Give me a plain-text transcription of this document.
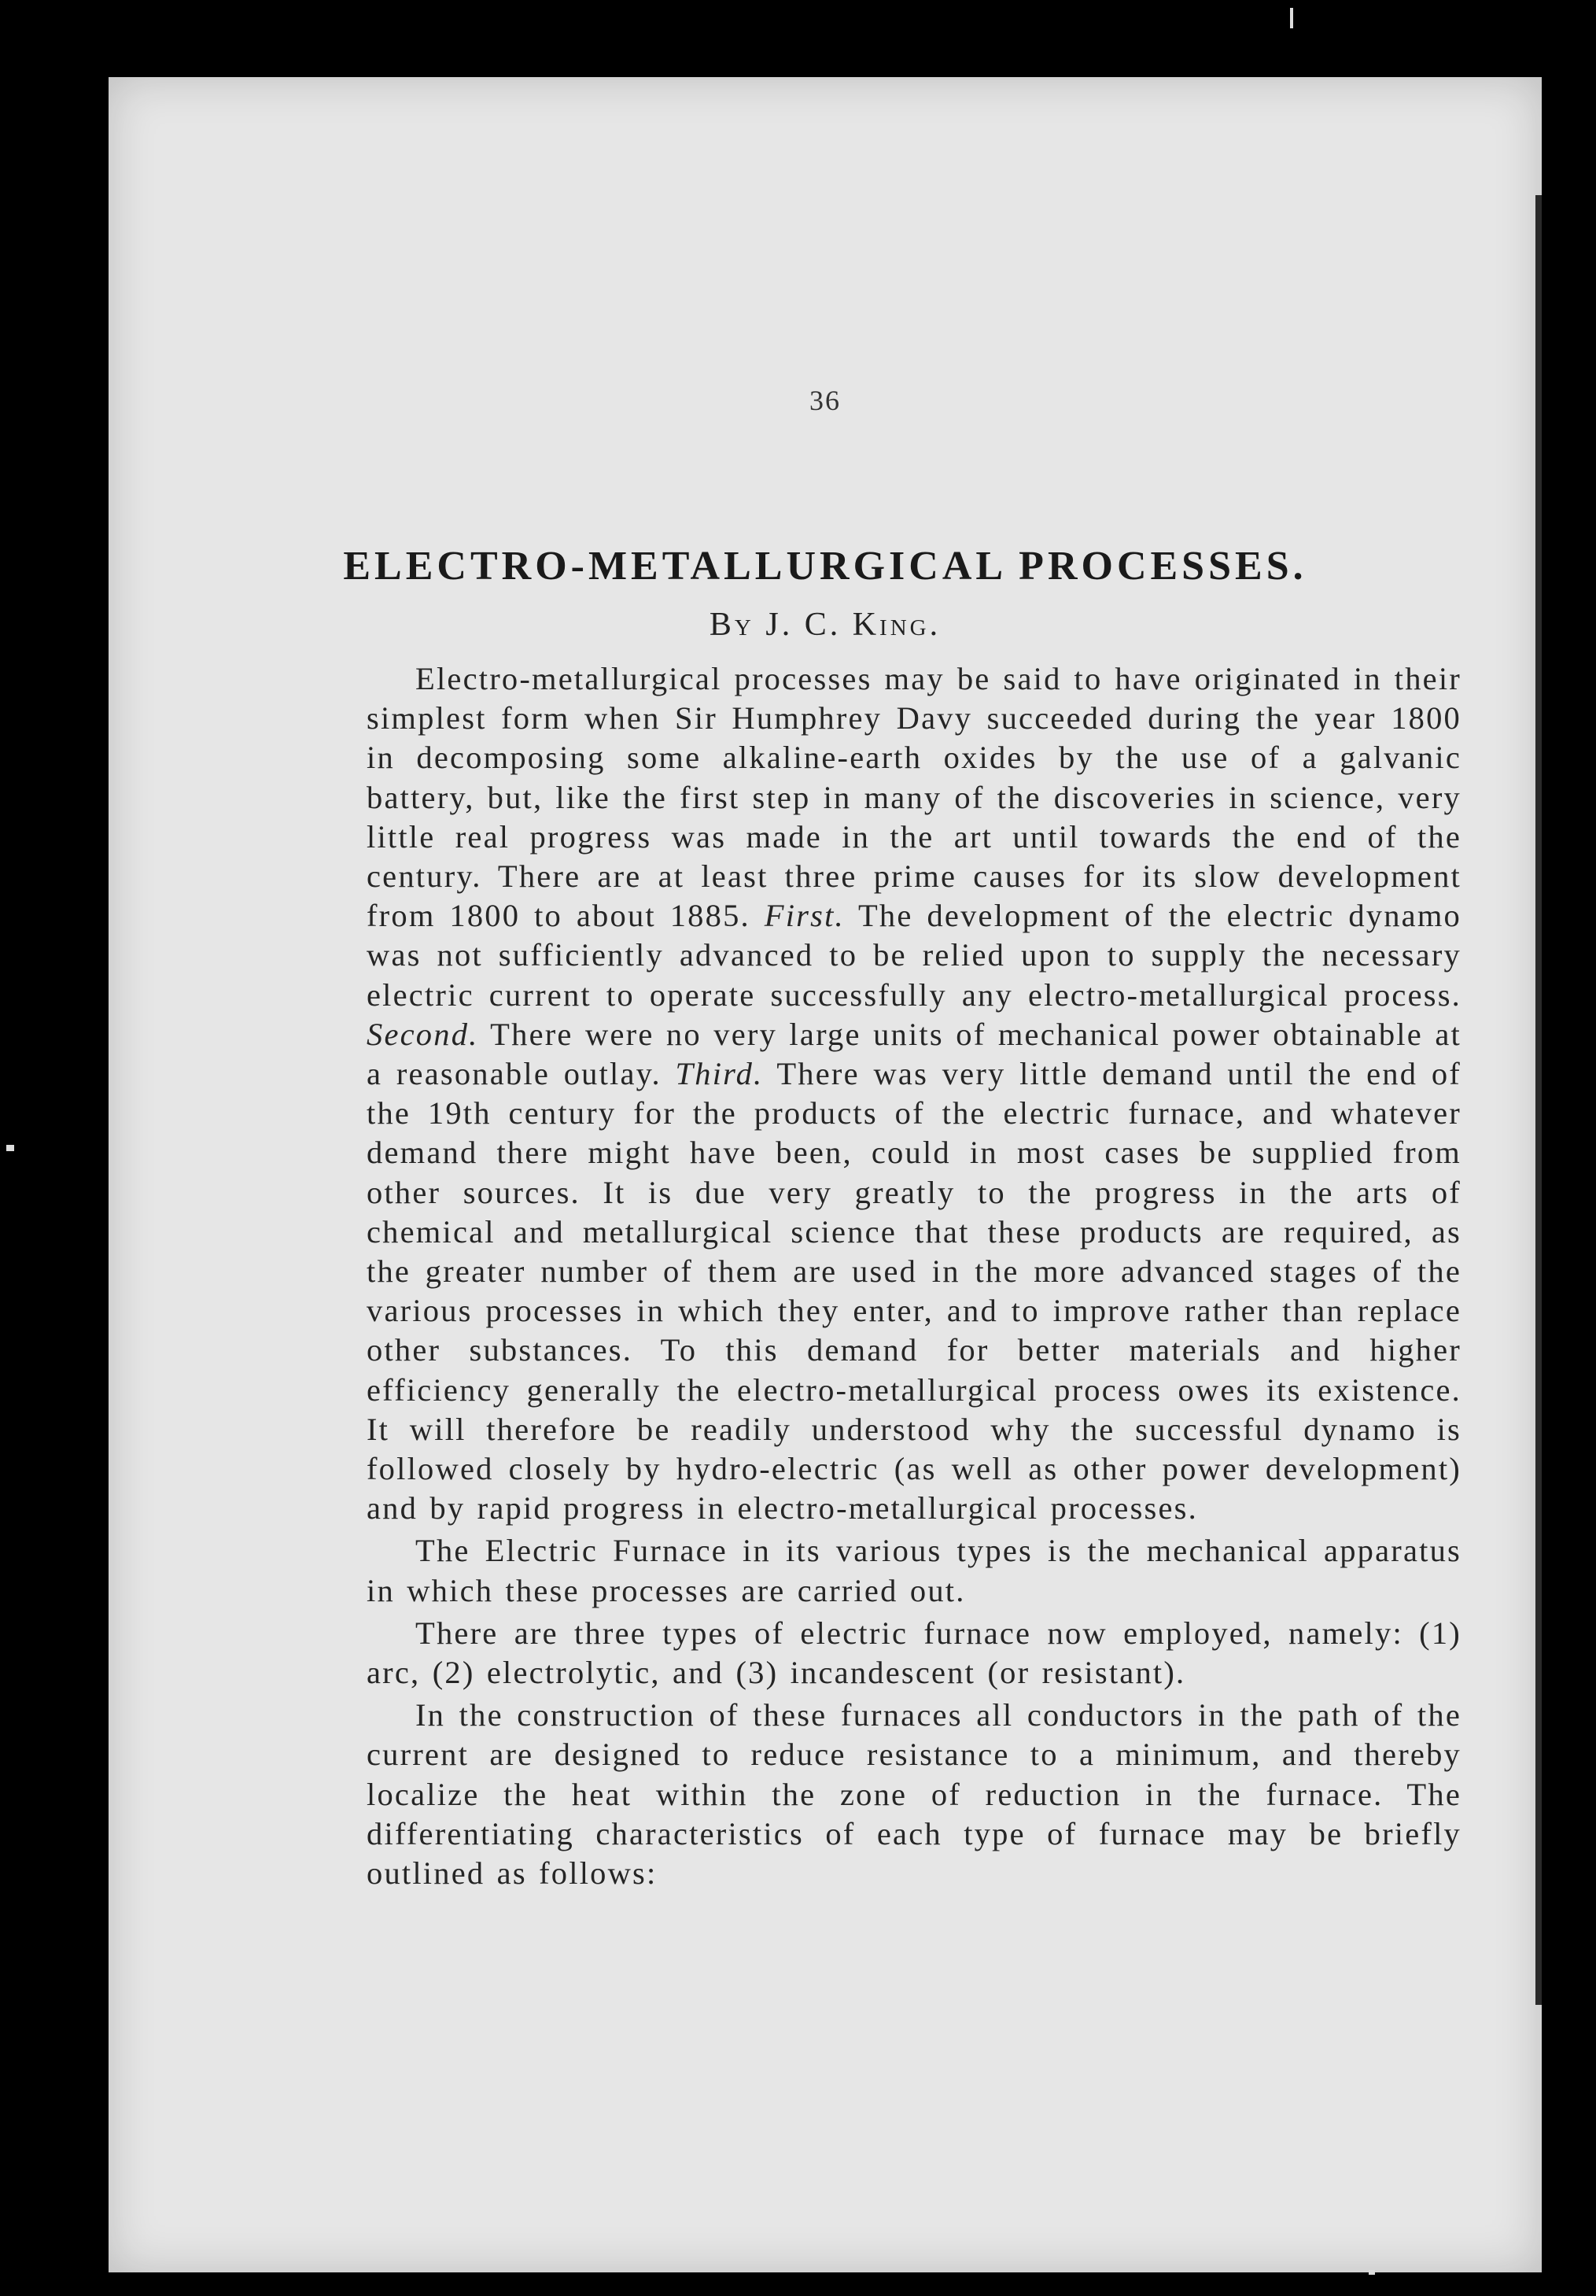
36
ELECTRO-METALLURGICAL PROCESSES.
By J. C. King.

Electro-metallurgical processes may be said to have originated in their simplest form when Sir Humphrey Davy succeeded during the year 1800 in decomposing some alkaline-earth oxides by the use of a galvanic battery, but, like the first step in many of the discoveries in science, very little real progress was made in the art until towards the end of the century. There are at least three prime causes for its slow development from 1800 to about 1885. First. The development of the electric dynamo was not sufficiently advanced to be relied upon to supply the necessary electric current to operate successfully any electro-metallurgical process. Second. There were no very large units of mechanical power obtainable at a reasonable outlay. Third. There was very little demand until the end of the 19th century for the products of the electric furnace, and whatever demand there might have been, could in most cases be supplied from other sources. It is due very greatly to the progress in the arts of chemical and metallurgical science that these products are required, as the greater number of them are used in the more advanced stages of the various processes in which they enter, and to improve rather than replace other substances. To this demand for better materials and higher efficiency generally the electro-metallurgical process owes its existence. It will therefore be readily understood why the successful dynamo is followed closely by hydro-electric (as well as other power development) and by rapid progress in electro-metallurgical processes.

The Electric Furnace in its various types is the mechanical apparatus in which these processes are carried out.

There are three types of electric furnace now employed, namely: (1) arc, (2) electrolytic, and (3) incandescent (or resistant).

In the construction of these furnaces all conductors in the path of the current are designed to reduce resistance to a minimum, and thereby localize the heat within the zone of reduction in the furnace. The differentiating characteristics of each type of furnace may be briefly outlined as follows:
